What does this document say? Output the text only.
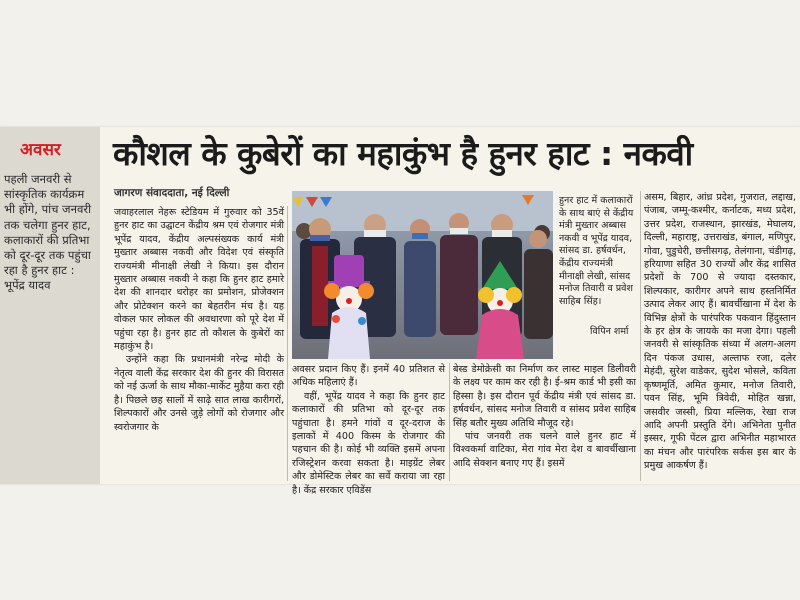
अवसर
पहली जनवरी से सांस्कृतिक कार्यक्रम भी होंगे, पांच जनवरी तक चलेगा हुनर हाट, कलाकारों की प्रतिभा को दूर-दूर तक पहुंचा रहा है हुनर हाट : भूपेंद्र यादव
कौशल के कुबेरों का महाकुंभ है हुनर हाट : नकवी
जागरण संवाददाता, नई दिल्ली

जवाहरलाल नेहरू स्टेडियम में गुरुवार को 35वें हुनर हाट का उद्घाटन केंद्रीय श्रम एवं रोजगार मंत्री भूपेंद्र यादव, केंद्रीय अल्पसंख्यक कार्य मंत्री मुख्तार अब्बास नकवी और विदेश एवं संस्कृति राज्यमंत्री मीनाक्षी लेखी ने किया। इस दौरान मुख्तार अब्बास नकवी ने कहा कि हुनर हाट हमारे देश की शानदार धरोहर का प्रमोशन, प्रोजेक्शन और प्रोटेक्शन करने का बेहतरीन मंच है। यह वोकल फार लोकल की अवधारणा को पूरे देश में पहुंचा रहा है। हुनर हाट तो कौशल के कुबेरों का महाकुंभ है।

उन्होंने कहा कि प्रधानमंत्री नरेन्द्र मोदी के नेतृत्व वाली केंद्र सरकार देश की हुनर की विरासत को नई ऊर्जा के साथ मौका-मार्केट मुहैया करा रही है। पिछले छह सालों में साढ़े सात लाख कारीगरों, शिल्पकारों और उनसे जुड़े लोगों को रोजगार और स्वरोजगार के

हुनर हाट में कलाकारों के साथ बाएं से केंद्रीय मंत्री मुख्तार अब्बास नकवी व भूपेंद्र यादव, सांसद डा. हर्षवर्धन, केंद्रीय राज्यमंत्री मीनाक्षी लेखी, सांसद मनोज तिवारी व प्रवेश साहिब सिंह।
विपिन शर्मा

अवसर प्रदान किए हैं। इनमें 40 प्रतिशत से अधिक महिलाएं हैं।

वहीं, भूपेंद्र यादव ने कहा कि हुनर हाट कलाकारों की प्रतिभा को दूर-दूर तक पहुंचाता है। हमने गांवों व दूर-दराज के इलाकों में 400 किस्म के रोजगार की पहचान की है। कोई भी व्यक्ति इसमें अपना रजिस्ट्रेशन करवा सकता है। माइग्रेंट लेबर और डोमेस्टिक लेबर का सर्वे कराया जा रहा है। केंद्र सरकार एविडेंस

बेस्ड डेमोक्रेसी का निर्माण कर लास्ट माइल डिलीवरी के लक्ष्य पर काम कर रही है। ई-श्रम कार्ड भी इसी का हिस्सा है। इस दौरान पूर्व केंद्रीय मंत्री एवं सांसद डा. हर्षवर्धन, सांसद मनोज तिवारी व सांसद प्रवेश साहिब सिंह बतौर मुख्य अतिथि मौजूद रहे।

पांच जनवरी तक चलने वाले हुनर हाट में विश्वकर्मा वाटिका, मेरा गांव मेरा देश व बावर्चीखाना आदि सेक्शन बनाए गए हैं। इसमें

असम, बिहार, आंध्र प्रदेश, गुजरात, लद्दाख, पंजाब, जम्मू-कश्मीर, कर्नाटक, मध्य प्रदेश, उत्तर प्रदेश, राजस्थान, झारखंड, मेघालय, दिल्ली, महाराष्ट्र, उत्तराखंड, बंगाल, मणिपुर, गोवा, पुडुचेरी, छत्तीसगढ़, तेलंगाना, चंडीगढ़, हरियाणा सहित 30 राज्यों और केंद्र शासित प्रदेशों के 700 से ज्यादा दस्तकार, शिल्पकार, कारीगर अपने साथ हस्तनिर्मित उत्पाद लेकर आए हैं। बावर्चीखाना में देश के विभिन्न क्षेत्रों के पारंपरिक पकवान हिंदुस्तान के हर क्षेत्र के जायके का मजा देगा। पहली जनवरी से सांस्कृतिक संध्या में अलग-अलग दिन पंकज उधास, अल्ताफ रजा, दलेर मेहंदी, सुरेश वाडेकर, सुदेश भोसले, कविता कृष्णमूर्ति, अमित कुमार, मनोज तिवारी, पवन सिंह, भूमि त्रिवेदी, मोहित खन्ना, जसवीर जस्सी, प्रिया मल्लिक, रेखा राज आदि अपनी प्रस्तुति देंगे। अभिनेता पुनीत इस्सर, गूफी पेंटल द्वारा अभिनीत महाभारत का मंचन और पारंपरिक सर्कस इस बार के प्रमुख आकर्षण हैं।
